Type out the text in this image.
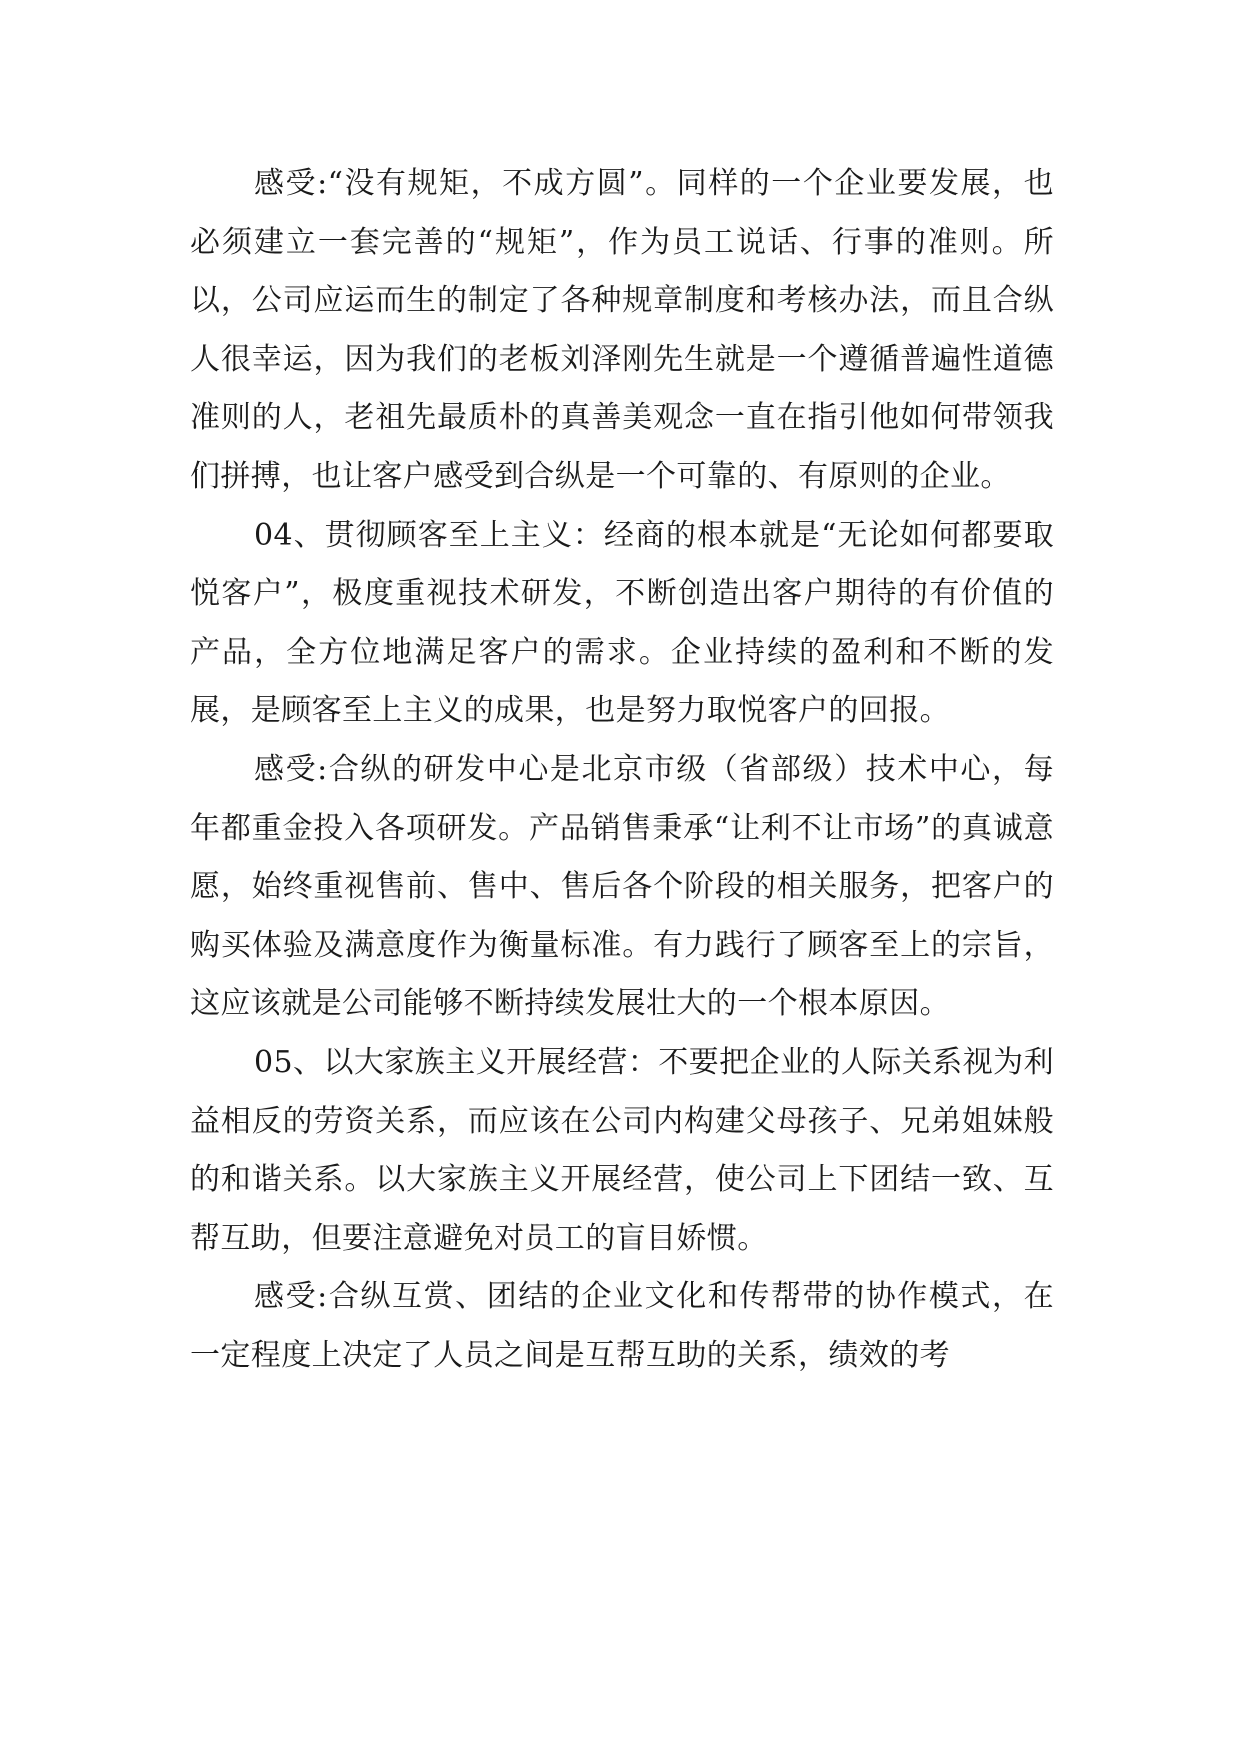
感受:“没有规矩，不成方圆”。同样的一个企业要发展，也必须建立一套完善的“规矩”，作为员工说话、行事的准则。所以，公司应运而生的制定了各种规章制度和考核办法，而且合纵人很幸运，因为我们的老板刘泽刚先生就是一个遵循普遍性道德准则的人，老祖先最质朴的真善美观念一直在指引他如何带领我们拼搏，也让客户感受到合纵是一个可靠的、有原则的企业。

04、贯彻顾客至上主义：经商的根本就是“无论如何都要取悦客户”，极度重视技术研发，不断创造出客户期待的有价值的产品，全方位地满足客户的需求。企业持续的盈利和不断的发展，是顾客至上主义的成果，也是努力取悦客户的回报。

感受:合纵的研发中心是北京市级（省部级）技术中心，每年都重金投入各项研发。产品销售秉承“让利不让市场”的真诚意愿，始终重视售前、售中、售后各个阶段的相关服务，把客户的购买体验及满意度作为衡量标准。有力践行了顾客至上的宗旨，这应该就是公司能够不断持续发展壮大的一个根本原因。

05、以大家族主义开展经营：不要把企业的人际关系视为利益相反的劳资关系，而应该在公司内构建父母孩子、兄弟姐妹般的和谐关系。以大家族主义开展经营，使公司上下团结一致、互帮互助，但要注意避免对员工的盲目娇惯。

感受:合纵互赏、团结的企业文化和传帮带的协作模式，在一定程度上决定了人员之间是互帮互助的关系，绩效的考
